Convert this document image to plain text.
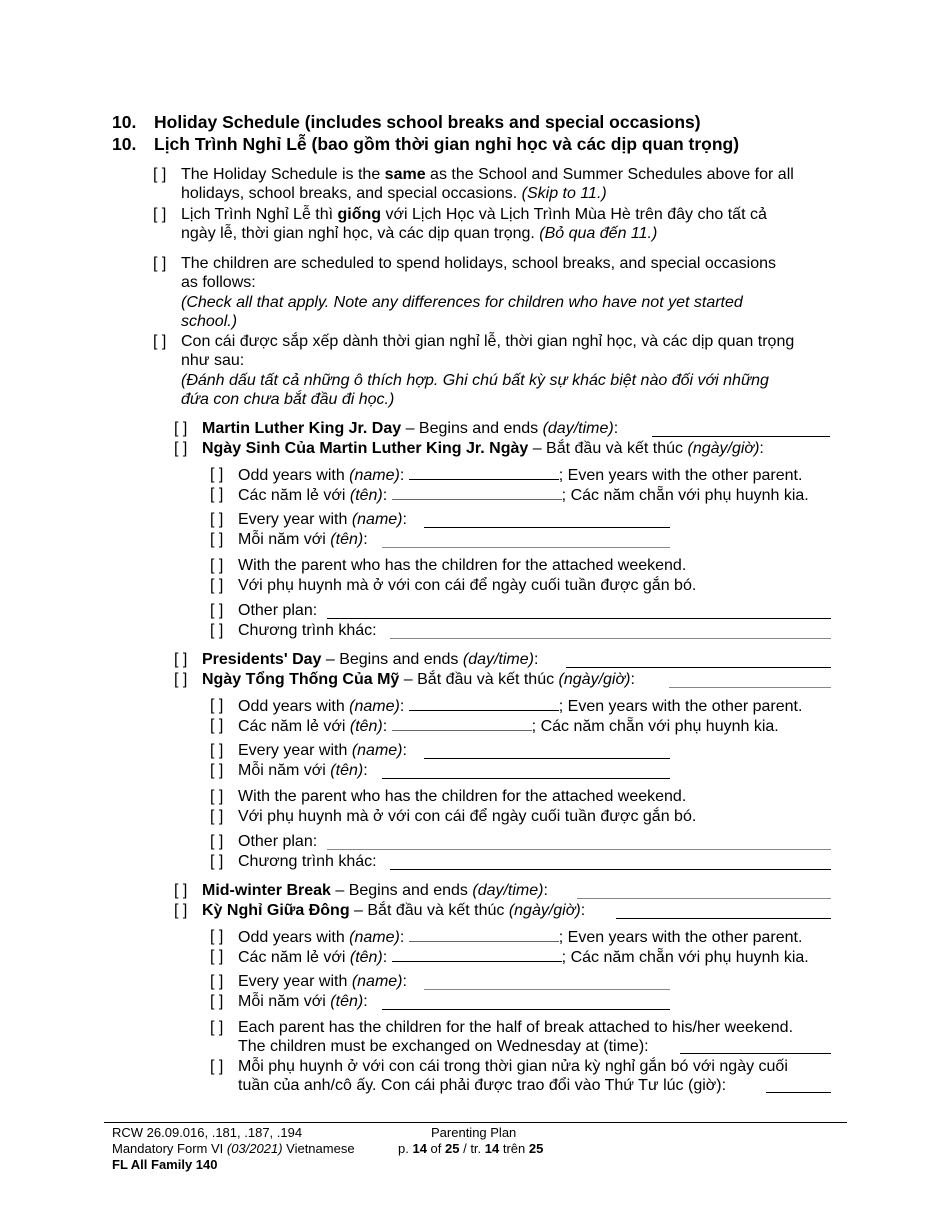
10. Holiday Schedule (includes school breaks and special occasions)
10. Lịch Trình Nghỉ Lễ (bao gồm thời gian nghỉ học và các dịp quan trọng)
[ ] The Holiday Schedule is the same as the School and Summer Schedules above for all
holidays, school breaks, and special occasions. (Skip to 11.)
[ ] Lịch Trình Nghỉ Lễ thì giống với Lịch Học và Lịch Trình Mùa Hè trên đây cho tất cả
ngày lễ, thời gian nghỉ học, và các dịp quan trọng. (Bỏ qua đến 11.)
[ ] The children are scheduled to spend holidays, school breaks, and special occasions
as follows:
(Check all that apply. Note any differences for children who have not yet started
school.)
[ ] Con cái được sắp xếp dành thời gian nghỉ lễ, thời gian nghỉ học, và các dịp quan trọng
như sau:
(Đánh dấu tất cả những ô thích hợp. Ghi chú bất kỳ sự khác biệt nào đối với những
đứa con chưa bắt đầu đi học.)
[ ] Martin Luther King Jr. Day – Begins and ends (day/time):
[ ] Ngày Sinh Của Martin Luther King Jr. Ngày – Bắt đầu và kết thúc (ngày/giờ):
[ ] Odd years with (name):	; Even years with the other parent.
[ ] Các năm lẻ với (tên):	; Các năm chẵn với phụ huynh kia.
[ ] Every year with (name):
[ ] Mỗi năm với (tên):
[ ] With the parent who has the children for the attached weekend.
[ ] Với phụ huynh mà ở với con cái để ngày cuối tuần được gắn bó.
[ ] Other plan:
[ ] Chương trình khác:
[ ] Presidents' Day – Begins and ends (day/time):
[ ] Ngày Tổng Thống Của Mỹ – Bắt đầu và kết thúc (ngày/giờ):
[ ] Odd years with (name):	; Even years with the other parent.
[ ] Các năm lẻ với (tên):	; Các năm chẵn với phụ huynh kia.
[ ] Every year with (name):
[ ] Mỗi năm với (tên):
[ ] With the parent who has the children for the attached weekend.
[ ] Với phụ huynh mà ở với con cái để ngày cuối tuần được gắn bó.
[ ] Other plan:
[ ] Chương trình khác:
[ ] Mid-winter Break – Begins and ends (day/time):
[ ] Kỳ Nghỉ Giữa Đông – Bắt đầu và kết thúc (ngày/giờ):
[ ] Odd years with (name):	; Even years with the other parent.
[ ] Các năm lẻ với (tên):	; Các năm chẵn với phụ huynh kia.
[ ] Every year with (name):
[ ] Mỗi năm với (tên):
[ ] Each parent has the children for the half of break attached to his/her weekend.
The children must be exchanged on Wednesday at (time):
[ ] Mỗi phụ huynh ở với con cái trong thời gian nửa kỳ nghỉ gắn bó với ngày cuối
tuần của anh/cô ấy. Con cái phải được trao đổi vào Thứ Tư lúc (giờ):
RCW 26.09.016, .181, .187, .194
Mandatory Form VI (03/2021) Vietnamese
FL All Family 140
Parenting Plan
p. 14 of 25 / tr. 14 trên 25
